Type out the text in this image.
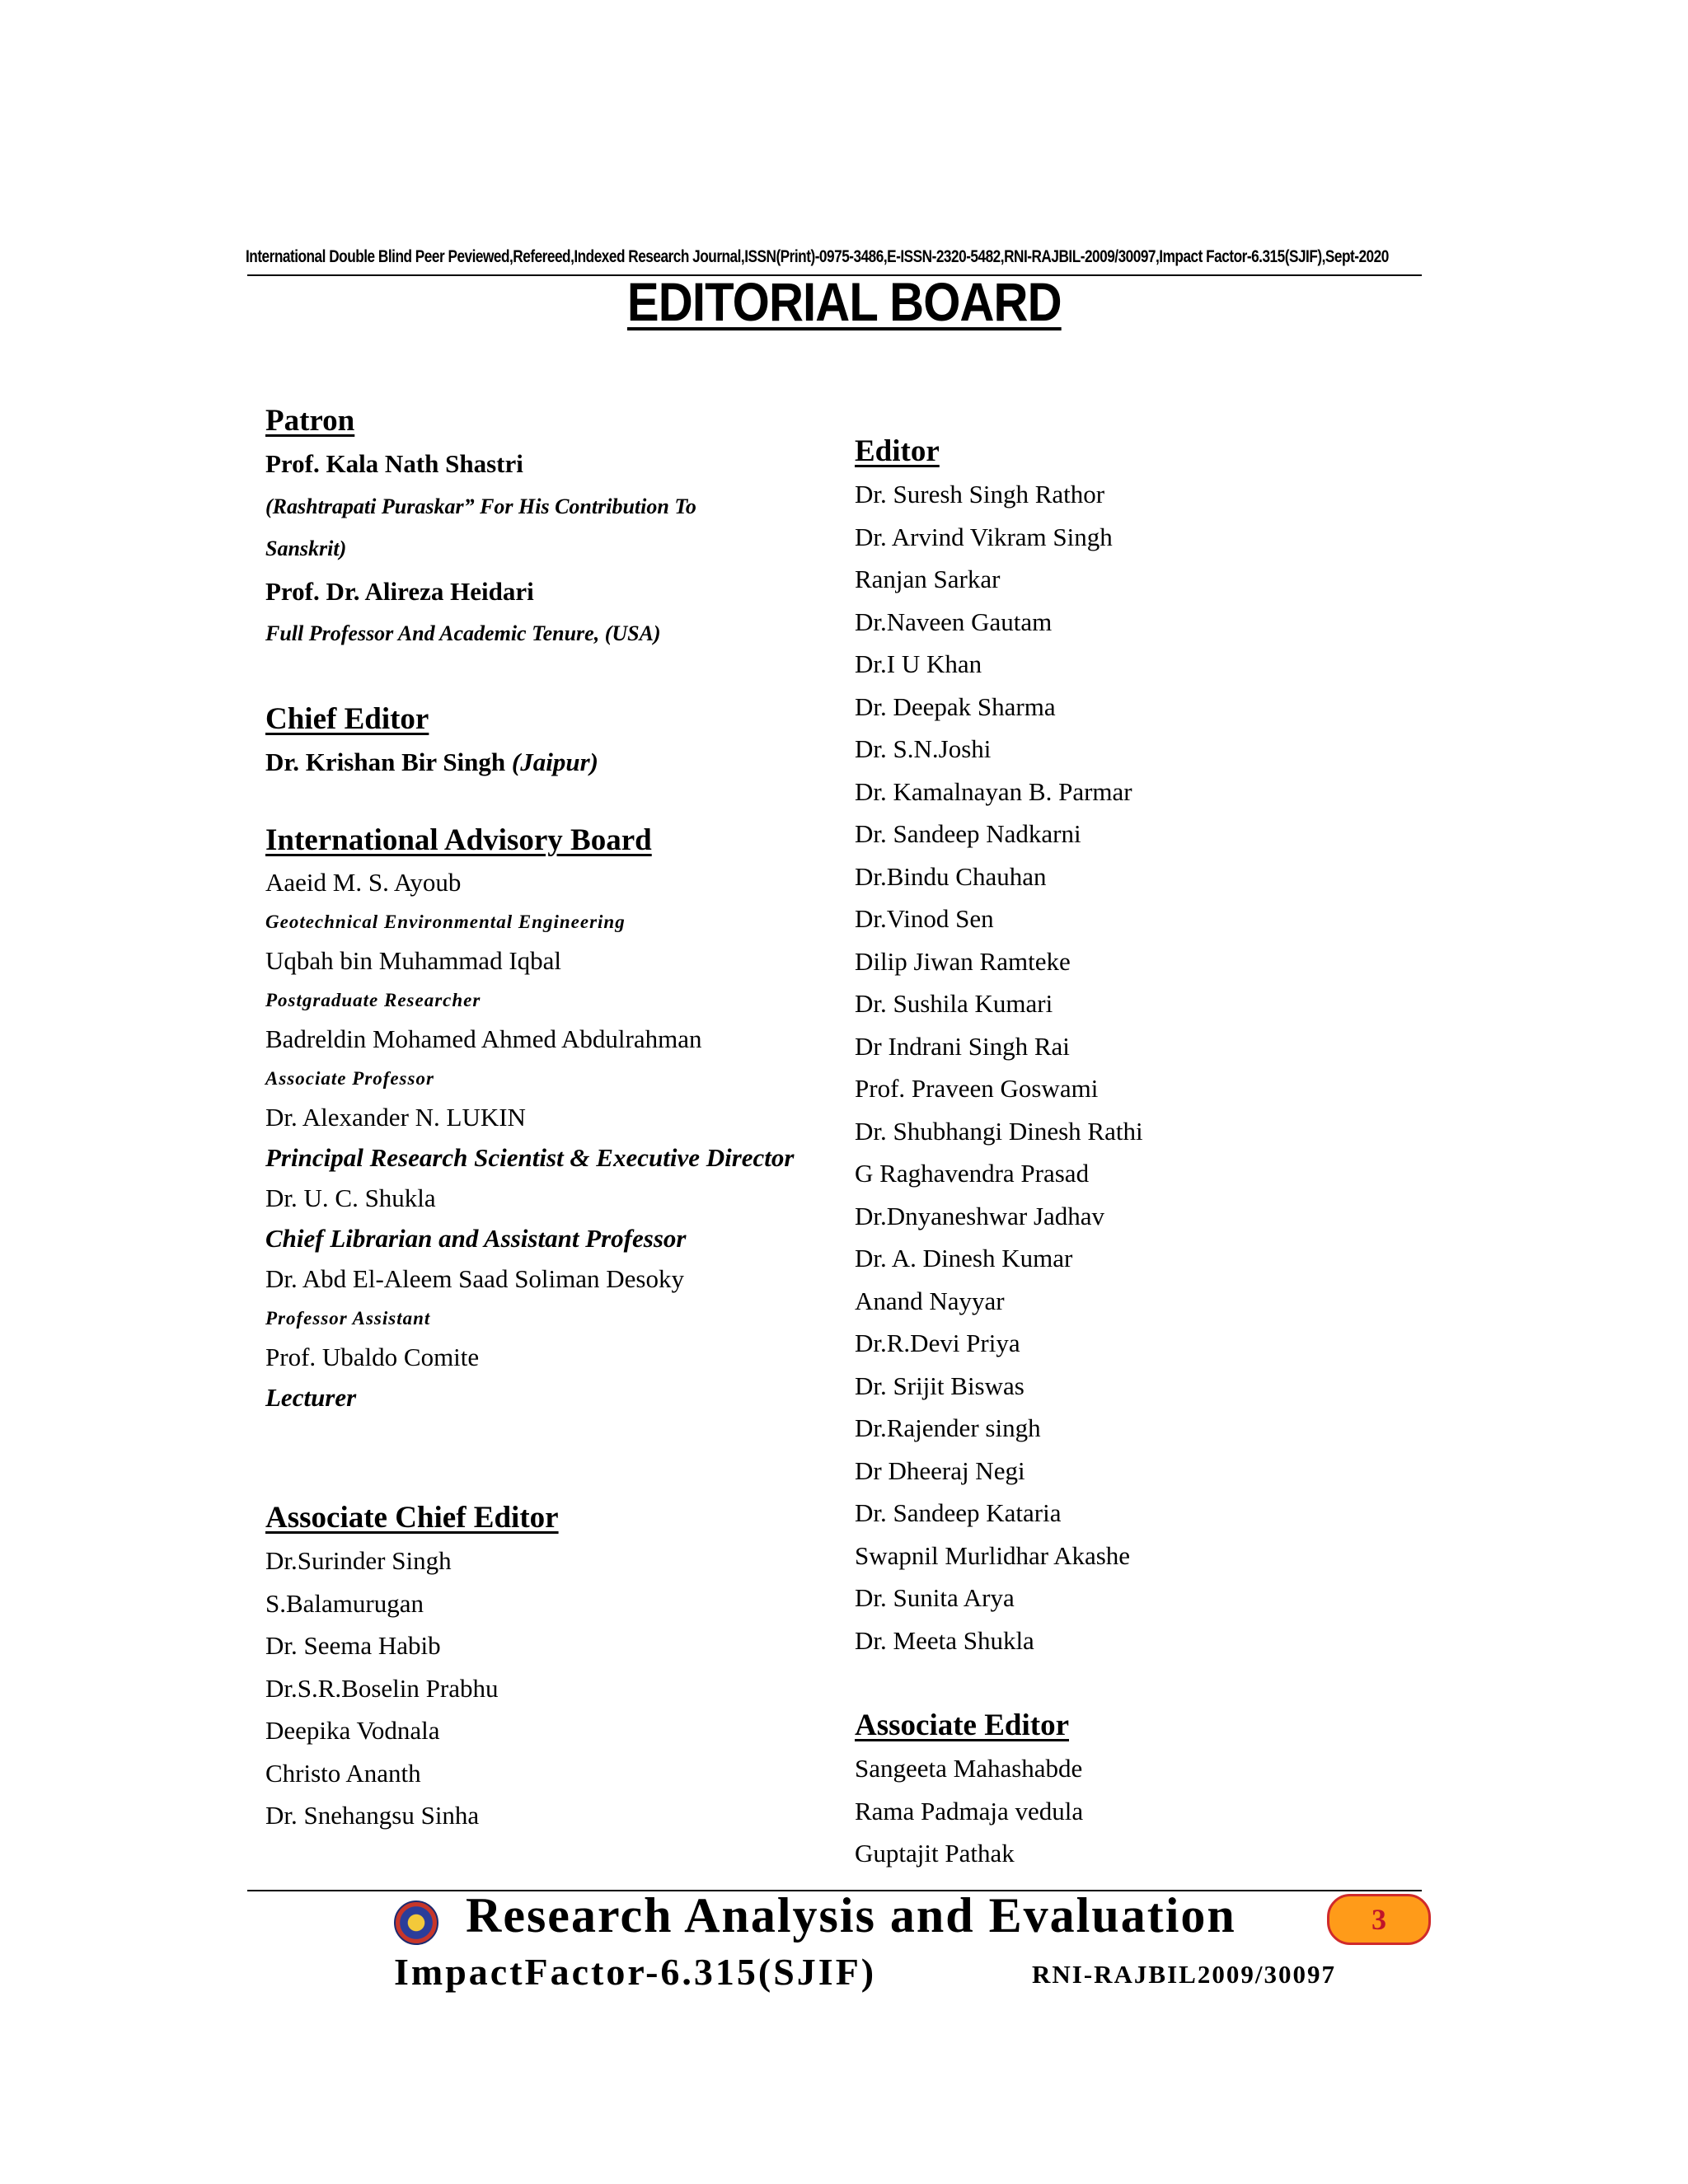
International Double Blind Peer Peviewed,Refereed,Indexed Research Journal,ISSN(Print)-0975-3486,E-ISSN-2320-5482,RNI-RAJBIL-2009/30097,Impact Factor-6.315(SJIF),Sept-2020
EDITORIAL BOARD
Patron
Prof. Kala Nath Shastri
(Rashtrapati Puraskar” For His Contribution To
Sanskrit)
Prof. Dr. Alireza Heidari
Full Professor And Academic Tenure, (USA)
Chief Editor
Dr. Krishan Bir Singh (Jaipur)
International Advisory Board
Aaeid M. S. Ayoub
Geotechnical Environmental Engineering
Uqbah bin Muhammad Iqbal
Postgraduate Researcher
Badreldin Mohamed Ahmed Abdulrahman
Associate Professor
Dr. Alexander N. LUKIN
Principal Research Scientist & Executive Director
Dr. U. C. Shukla
Chief Librarian and Assistant Professor
Dr. Abd El-Aleem Saad Soliman Desoky
Professor Assistant
Prof. Ubaldo Comite
Lecturer
Associate Chief Editor
Dr.Surinder Singh
S.Balamurugan
Dr. Seema Habib
Dr.S.R.Boselin Prabhu
Deepika Vodnala
Christo Ananth
Dr. Snehangsu Sinha
Editor
Dr. Suresh Singh Rathor
Dr. Arvind Vikram Singh
Ranjan Sarkar
Dr.Naveen Gautam
Dr.I U Khan
Dr. Deepak Sharma
Dr. S.N.Joshi
Dr. Kamalnayan B. Parmar
Dr. Sandeep Nadkarni
Dr.Bindu Chauhan
Dr.Vinod Sen
Dilip Jiwan Ramteke
Dr. Sushila Kumari
Dr Indrani Singh Rai
Prof. Praveen Goswami
Dr. Shubhangi Dinesh Rathi
G Raghavendra Prasad
Dr.Dnyaneshwar Jadhav
Dr. A. Dinesh Kumar
Anand Nayyar
Dr.R.Devi Priya
Dr. Srijit Biswas
Dr.Rajender singh
Dr Dheeraj Negi
Dr. Sandeep Kataria
Swapnil Murlidhar Akashe
Dr. Sunita Arya
Dr. Meeta Shukla
Associate Editor
Sangeeta Mahashabde
Rama Padmaja vedula
Guptajit Pathak
Research Analysis and Evaluation	3
ImpactFactor-6.315(SJIF)	RNI-RAJBIL2009/30097
